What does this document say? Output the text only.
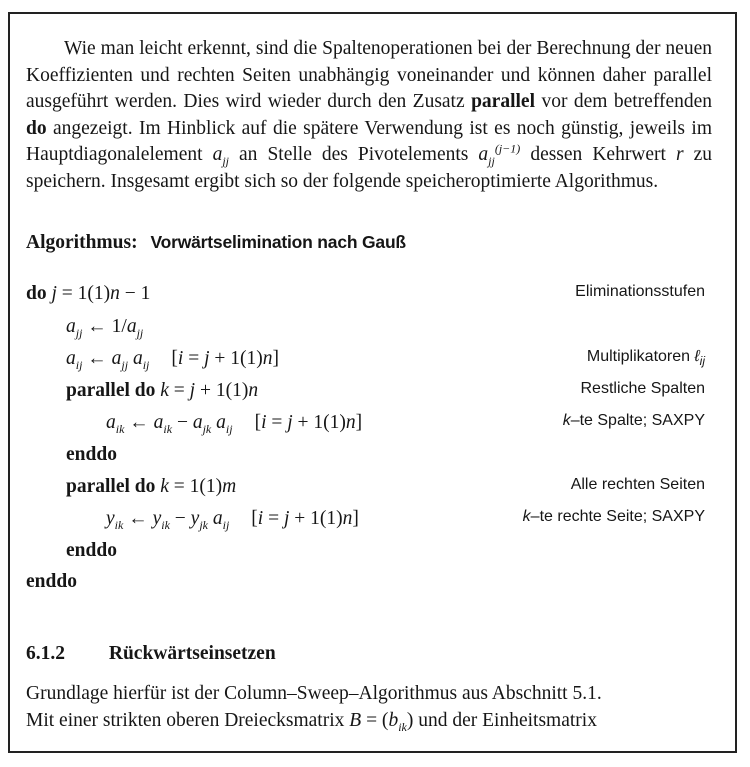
Wie man leicht erkennt, sind die Spaltenoperationen bei der Berechnung der neuen Koeffizienten und rechten Seiten unabhängig voneinander und können daher parallel ausgeführt werden. Dies wird wieder durch den Zusatz parallel vor dem betreffenden do angezeigt. Im Hinblick auf die spätere Verwendung ist es noch günstig, jeweils im Hauptdiagonalelement $a_{jj}$ an Stelle des Pivotelements $a_{jj}^{(j-1)}$ dessen Kehrwert r zu speichern. Insgesamt ergibt sich so der folgende speicheroptimierte Algorithmus.

Algorithmus: Vorwärtselimination nach Gauß
do j = 1(1)n − 1	Eliminationsstufen
$a_{jj}$ ← $1/a_{jj}$
$a_{ij}$ ← $a_{jj}$ $a_{ij}$ [i = j + 1(1)n]	Multiplikatoren ℓ$_{ij}$
parallel do k = j + 1(1)n	Restliche Spalten
$a_{ik}$ ← $a_{ik} - a_{jk}$ $a_{ij}$ [i = j + 1(1)n]	k–te Spalte; SAXPY
enddo
parallel do k = 1(1)m	Alle rechten Seiten
$y_{ik}$ ← $y_{ik} - y_{jk}$ $a_{ij}$ [i = j + 1(1)n]	k–te rechte Seite; SAXPY
enddo
enddo
6.1.2 Rückwärtseinsetzen
Grundlage hierfür ist der Column–Sweep–Algorithmus aus Abschnitt 5.1.
Mit einer strikten oberen Dreiecksmatrix $B = (b_{ik})$ und der Einheitsmatrix
